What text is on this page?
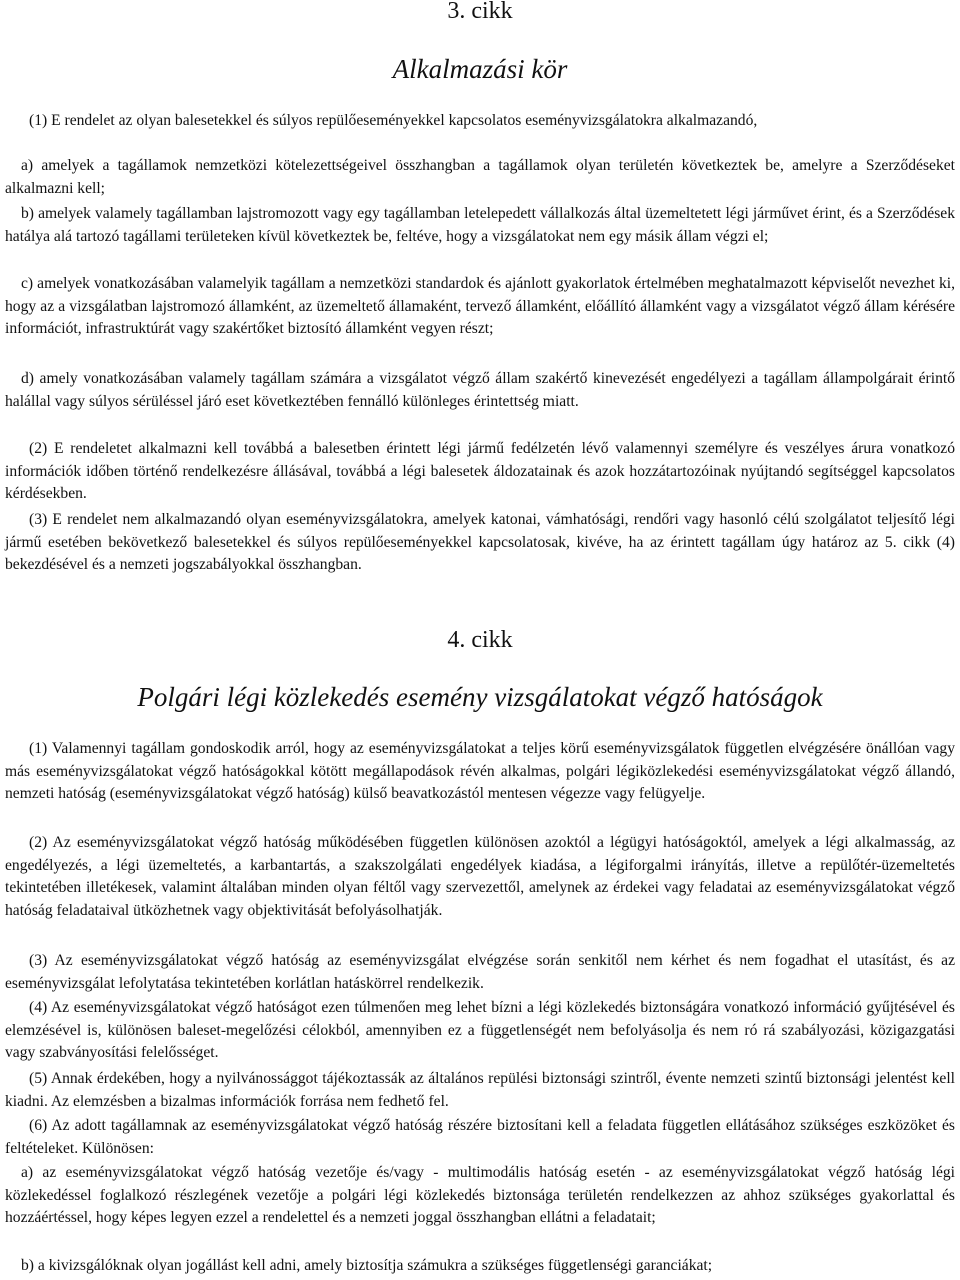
3. cikk
Alkalmazási kör

(1) E rendelet az olyan balesetekkel és súlyos repülőeseményekkel kapcsolatos eseményvizsgálatokra alkalmazandó,

a) amelyek a tagállamok nemzetközi kötelezettségeivel összhangban a tagállamok olyan területén következtek be, amelyre a Szerződéseket alkalmazni kell;

b) amelyek valamely tagállamban lajstromozott vagy egy tagállamban letelepedett vállalkozás által üzemeltetett légi járművet érint, és a Szerződések hatálya alá tartozó tagállami területeken kívül következtek be, feltéve, hogy a vizsgálatokat nem egy másik állam végzi el;

c) amelyek vonatkozásában valamelyik tagállam a nemzetközi standardok és ajánlott gyakorlatok értelmében meghatalmazott képviselőt nevezhet ki, hogy az a vizsgálatban lajstromozó államként, az üzemeltető államaként, tervező államként, előállító államként vagy a vizsgálatot végző állam kérésére információt, infrastruktúrát vagy szakértőket biztosító államként vegyen részt;

d) amely vonatkozásában valamely tagállam számára a vizsgálatot végző állam szakértő kinevezését engedélyezi a tagállam állampolgárait érintő halállal vagy súlyos sérüléssel járó eset következtében fennálló különleges érintettség miatt.

(2) E rendeletet alkalmazni kell továbbá a balesetben érintett légi jármű fedélzetén lévő valamennyi személyre és veszélyes árura vonatkozó információk időben történő rendelkezésre állásával, továbbá a légi balesetek áldozatainak és azok hozzátartozóinak nyújtandó segítséggel kapcsolatos kérdésekben.

(3) E rendelet nem alkalmazandó olyan eseményvizsgálatokra, amelyek katonai, vámhatósági, rendőri vagy hasonló célú szolgálatot teljesítő légi jármű esetében bekövetkező balesetekkel és súlyos repülőeseményekkel kapcsolatosak, kivéve, ha az érintett tagállam úgy határoz az 5. cikk (4) bekezdésével és a nemzeti jogszabályokkal összhangban.

4. cikk
Polgári légi közlekedés esemény vizsgálatokat végző hatóságok

(1) Valamennyi tagállam gondoskodik arról, hogy az eseményvizsgálatokat a teljes körű eseményvizsgálatok független elvégzésére önállóan vagy más eseményvizsgálatokat végző hatóságokkal kötött megállapodások révén alkalmas, polgári légiközlekedési eseményvizsgálatokat végző állandó, nemzeti hatóság (eseményvizsgálatokat végző hatóság) külső beavatkozástól mentesen végezze vagy felügyelje.

(2) Az eseményvizsgálatokat végző hatóság működésében független különösen azoktól a légügyi hatóságoktól, amelyek a légi alkalmasság, az engedélyezés, a légi üzemeltetés, a karbantartás, a szakszolgálati engedélyek kiadása, a légiforgalmi irányítás, illetve a repülőtér-üzemeltetés tekintetében illetékesek, valamint általában minden olyan féltől vagy szervezettől, amelynek az érdekei vagy feladatai az eseményvizsgálatokat végző hatóság feladataival ütközhetnek vagy objektivitását befolyásolhatják.

(3) Az eseményvizsgálatokat végző hatóság az eseményvizsgálat elvégzése során senkitől nem kérhet és nem fogadhat el utasítást, és az eseményvizsgálat lefolytatása tekintetében korlátlan hatáskörrel rendelkezik.

(4) Az eseményvizsgálatokat végző hatóságot ezen túlmenően meg lehet bízni a légi közlekedés biztonságára vonatkozó információ gyűjtésével és elemzésével is, különösen baleset-megelőzési célokból, amennyiben ez a függetlenségét nem befolyásolja és nem ró rá szabályozási, közigazgatási vagy szabványosítási felelősséget.

(5) Annak érdekében, hogy a nyilvánossággot tájékoztassák az általános repülési biztonsági szintről, évente nemzeti szintű biztonsági jelentést kell kiadni. Az elemzésben a bizalmas információk forrása nem fedhető fel.

(6) Az adott tagállamnak az eseményvizsgálatokat végző hatóság részére biztosítani kell a feladata független ellátásához szükséges eszközöket és feltételeket. Különösen:

a) az eseményvizsgálatokat végző hatóság vezetője és/vagy - multimodális hatóság esetén - az eseményvizsgálatokat végző hatóság légi közlekedéssel foglalkozó részlegének vezetője a polgári légi közlekedés biztonsága területén rendelkezzen az ahhoz szükséges gyakorlattal és hozzáértéssel, hogy képes legyen ezzel a rendelettel és a nemzeti joggal összhangban ellátni a feladatait;

b) a kivizsgálóknak olyan jogállást kell adni, amely biztosítja számukra a szükséges függetlenségi garanciákat;
